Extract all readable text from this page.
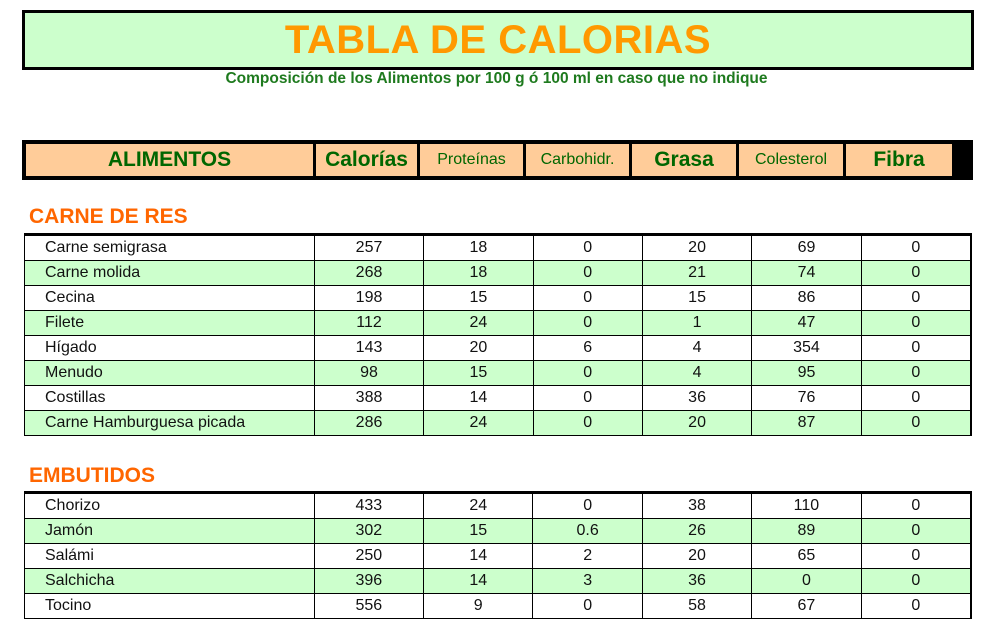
TABLA DE CALORIAS
Composición de los Alimentos por 100 g ó 100 ml en caso que no indique
ALIMENTOS	Calorías	Proteínas	Carbohidr.	Grasa	Colesterol	Fibra
CARNE DE RES
Carne semigrasa	257	18	0	20	69	0
Carne molida	268	18	0	21	74	0
Cecina	198	15	0	15	86	0
Filete	112	24	0	1	47	0
Hígado	143	20	6	4	354	0
Menudo	98	15	0	4	95	0
Costillas	388	14	0	36	76	0
Carne Hamburguesa picada	286	24	0	20	87	0
EMBUTIDOS
Chorizo	433	24	0	38	110	0
Jamón	302	15	0.6	26	89	0
Salámi	250	14	2	20	65	0
Salchicha	396	14	3	36	0	0
Tocino	556	9	0	58	67	0
